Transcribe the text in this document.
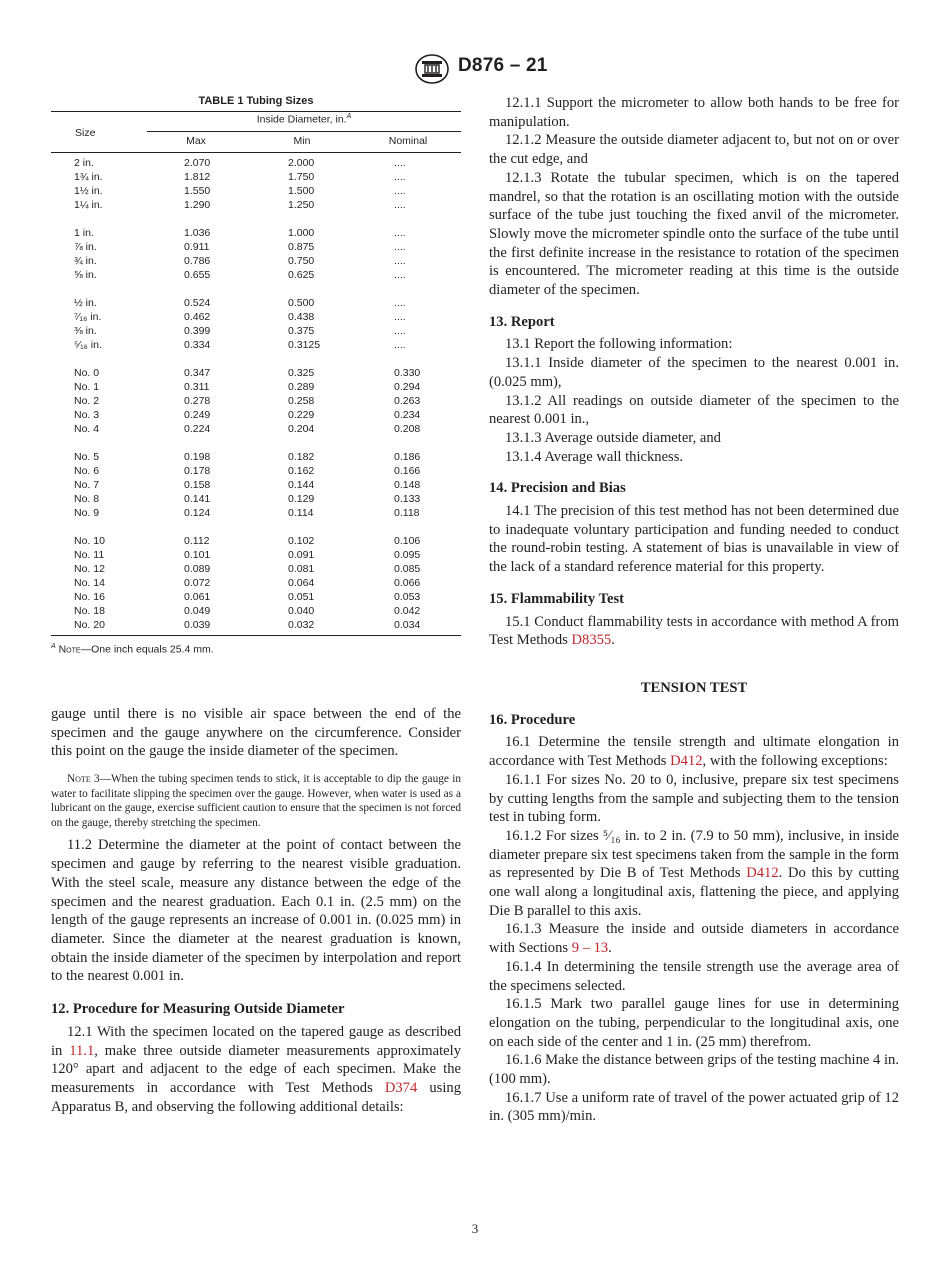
D876 – 21
TABLE 1 Tubing Sizes
Size
Inside Diameter, in.$^A$
Max	Min	Nominal
2 in.	2.070	2.000	....
1¾ in.	1.812	1.750	....
1½ in.	1.550	1.500	....
1¼ in.	1.290	1.250	....
1 in.	1.036	1.000	....
⅞ in.	0.911	0.875	....
¾ in.	0.786	0.750	....
⅝ in.	0.655	0.625	....
½ in.	0.524	0.500	....
⁷⁄₁₆ in.	0.462	0.438	....
⅜ in.	0.399	0.375	....
⁵⁄₁₆ in.	0.334	0.3125	....
No. 0	0.347	0.325	0.330
No. 1	0.311	0.289	0.294
No. 2	0.278	0.258	0.263
No. 3	0.249	0.229	0.234
No. 4	0.224	0.204	0.208
No. 5	0.198	0.182	0.186
No. 6	0.178	0.162	0.166
No. 7	0.158	0.144	0.148
No. 8	0.141	0.129	0.133
No. 9	0.124	0.114	0.118
No. 10	0.112	0.102	0.106
No. 11	0.101	0.091	0.095
No. 12	0.089	0.081	0.085
No. 14	0.072	0.064	0.066
No. 16	0.061	0.051	0.053
No. 18	0.049	0.040	0.042
No. 20	0.039	0.032	0.034
$^A$ Note—One inch equals 25.4 mm.

gauge until there is no visible air space between the end of the specimen and the gauge anywhere on the circumference. Consider this point on the gauge the inside diameter of the specimen.

Note 3—When the tubing specimen tends to stick, it is acceptable to dip the gauge in water to facilitate slipping the specimen over the gauge. However, when water is used as a lubricant on the gauge, exercise sufficient caution to ensure that the specimen is not forced on the gauge, thereby stretching the specimen.

11.2 Determine the diameter at the point of contact between the specimen and gauge by referring to the nearest visible graduation. With the steel scale, measure any distance between the edge of the specimen and the nearest graduation. Each 0.1 in. (2.5 mm) on the length of the gauge represents an increase of 0.001 in. (0.025 mm) in diameter. Since the diameter at the nearest graduation is known, obtain the inside diameter of the specimen by interpolation and report to the nearest 0.001 in.

12. Procedure for Measuring Outside Diameter

12.1 With the specimen located on the tapered gauge as described in 11.1, make three outside diameter measurements approximately 120° apart and adjacent to the edge of each specimen. Make the measurements in accordance with Test Methods D374 using Apparatus B, and observing the following additional details:

12.1.1 Support the micrometer to allow both hands to be free for manipulation.

12.1.2 Measure the outside diameter adjacent to, but not on or over the cut edge, and

12.1.3 Rotate the tubular specimen, which is on the tapered mandrel, so that the rotation is an oscillating motion with the outside surface of the tube just touching the fixed anvil of the micrometer. Slowly move the micrometer spindle onto the surface of the tube until the first definite increase in the resistance to rotation of the specimen is encountered. The micrometer reading at this time is the outside diameter of the specimen.

13. Report

13.1 Report the following information:

13.1.1 Inside diameter of the specimen to the nearest 0.001 in. (0.025 mm),

13.1.2 All readings on outside diameter of the specimen to the nearest 0.001 in.,

13.1.3 Average outside diameter, and

13.1.4 Average wall thickness.

14. Precision and Bias

14.1 The precision of this test method has not been determined due to inadequate voluntary participation and funding needed to conduct the round-robin testing. A statement of bias is unavailable in view of the lack of a standard reference material for this property.

15. Flammability Test

15.1 Conduct flammability tests in accordance with method A from Test Methods D8355.

TENSION TEST

16. Procedure

16.1 Determine the tensile strength and ultimate elongation in accordance with Test Methods D412, with the following exceptions:

16.1.1 For sizes No. 20 to 0, inclusive, prepare six test specimens by cutting lengths from the sample and subjecting them to the tension test in tubing form.

16.1.2 For sizes ⁵⁄₁₆ in. to 2 in. (7.9 to 50 mm), inclusive, in inside diameter prepare six test specimens taken from the sample in the form as represented by Die B of Test Methods D412. Do this by cutting one wall along a longitudinal axis, flattening the piece, and applying Die B parallel to this axis.

16.1.3 Measure the inside and outside diameters in accordance with Sections 9 – 13.

16.1.4 In determining the tensile strength use the average area of the specimens selected.

16.1.5 Mark two parallel gauge lines for use in determining elongation on the tubing, perpendicular to the longitudinal axis, one on each side of the center and 1 in. (25 mm) therefrom.

16.1.6 Make the distance between grips of the testing machine 4 in. (100 mm).

16.1.7 Use a uniform rate of travel of the power actuated grip of 12 in. (305 mm)/min.

3
